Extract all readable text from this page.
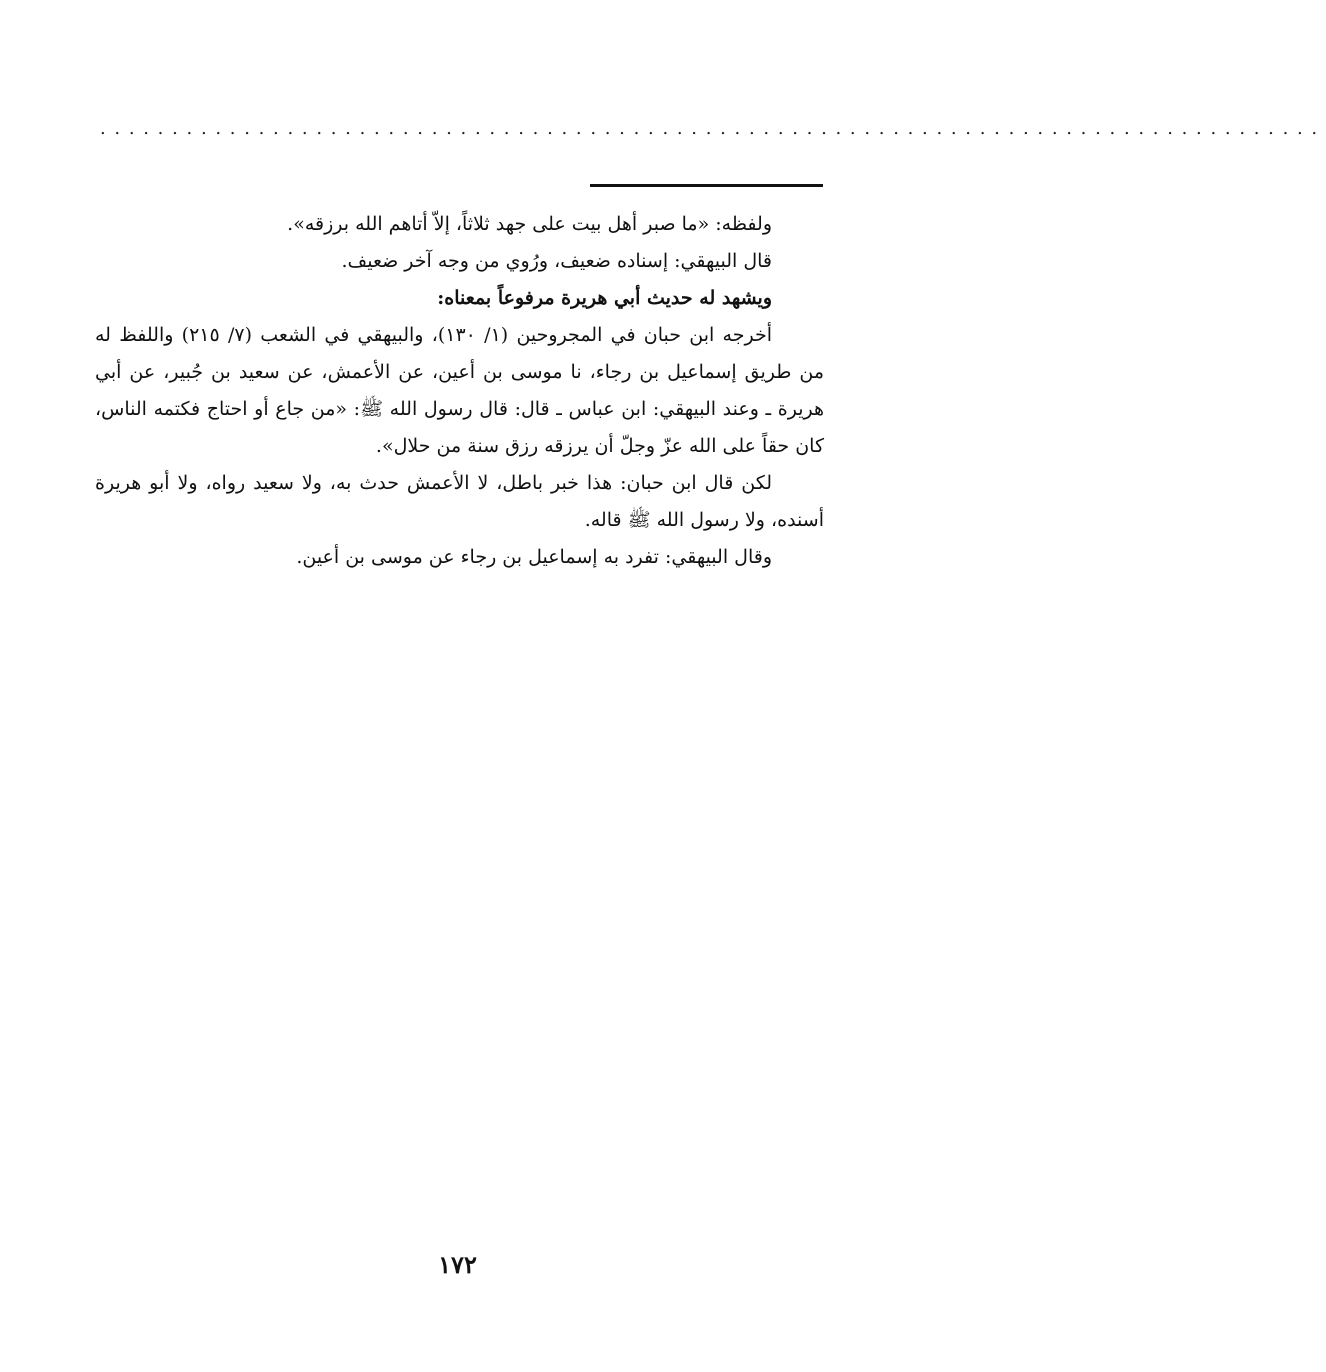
.....................................................................................

ولفظه: «ما صبر أهل بيت على جهد ثلاثاً، إلاّ أتاهم الله برزقه».

قال البيهقي: إسناده ضعيف، ورُوي من وجه آخر ضعيف.

ويشهد له حديث أبي هريرة مرفوعاً بمعناه:

أخرجه ابن حبان في المجروحين (١/ ١٣٠)، والبيهقي في الشعب (٧/ ٢١٥) واللفظ له من طريق إسماعيل بن رجاء، نا موسى بن أعين، عن الأعمش، عن سعيد بن جُبير، عن أبي هريرة ـ وعند البيهقي: ابن عباس ـ قال: قال رسول الله ﷺ: «من جاع أو احتاج فكتمه الناس، كان حقاً على الله عزّ وجلّ أن يرزقه رزق سنة من حلال».

لكن قال ابن حبان: هذا خبر باطل، لا الأعمش حدث به، ولا سعيد رواه، ولا أبو هريرة أسنده، ولا رسول الله ﷺ قاله.

وقال البيهقي: تفرد به إسماعيل بن رجاء عن موسى بن أعين.

١٧٢
